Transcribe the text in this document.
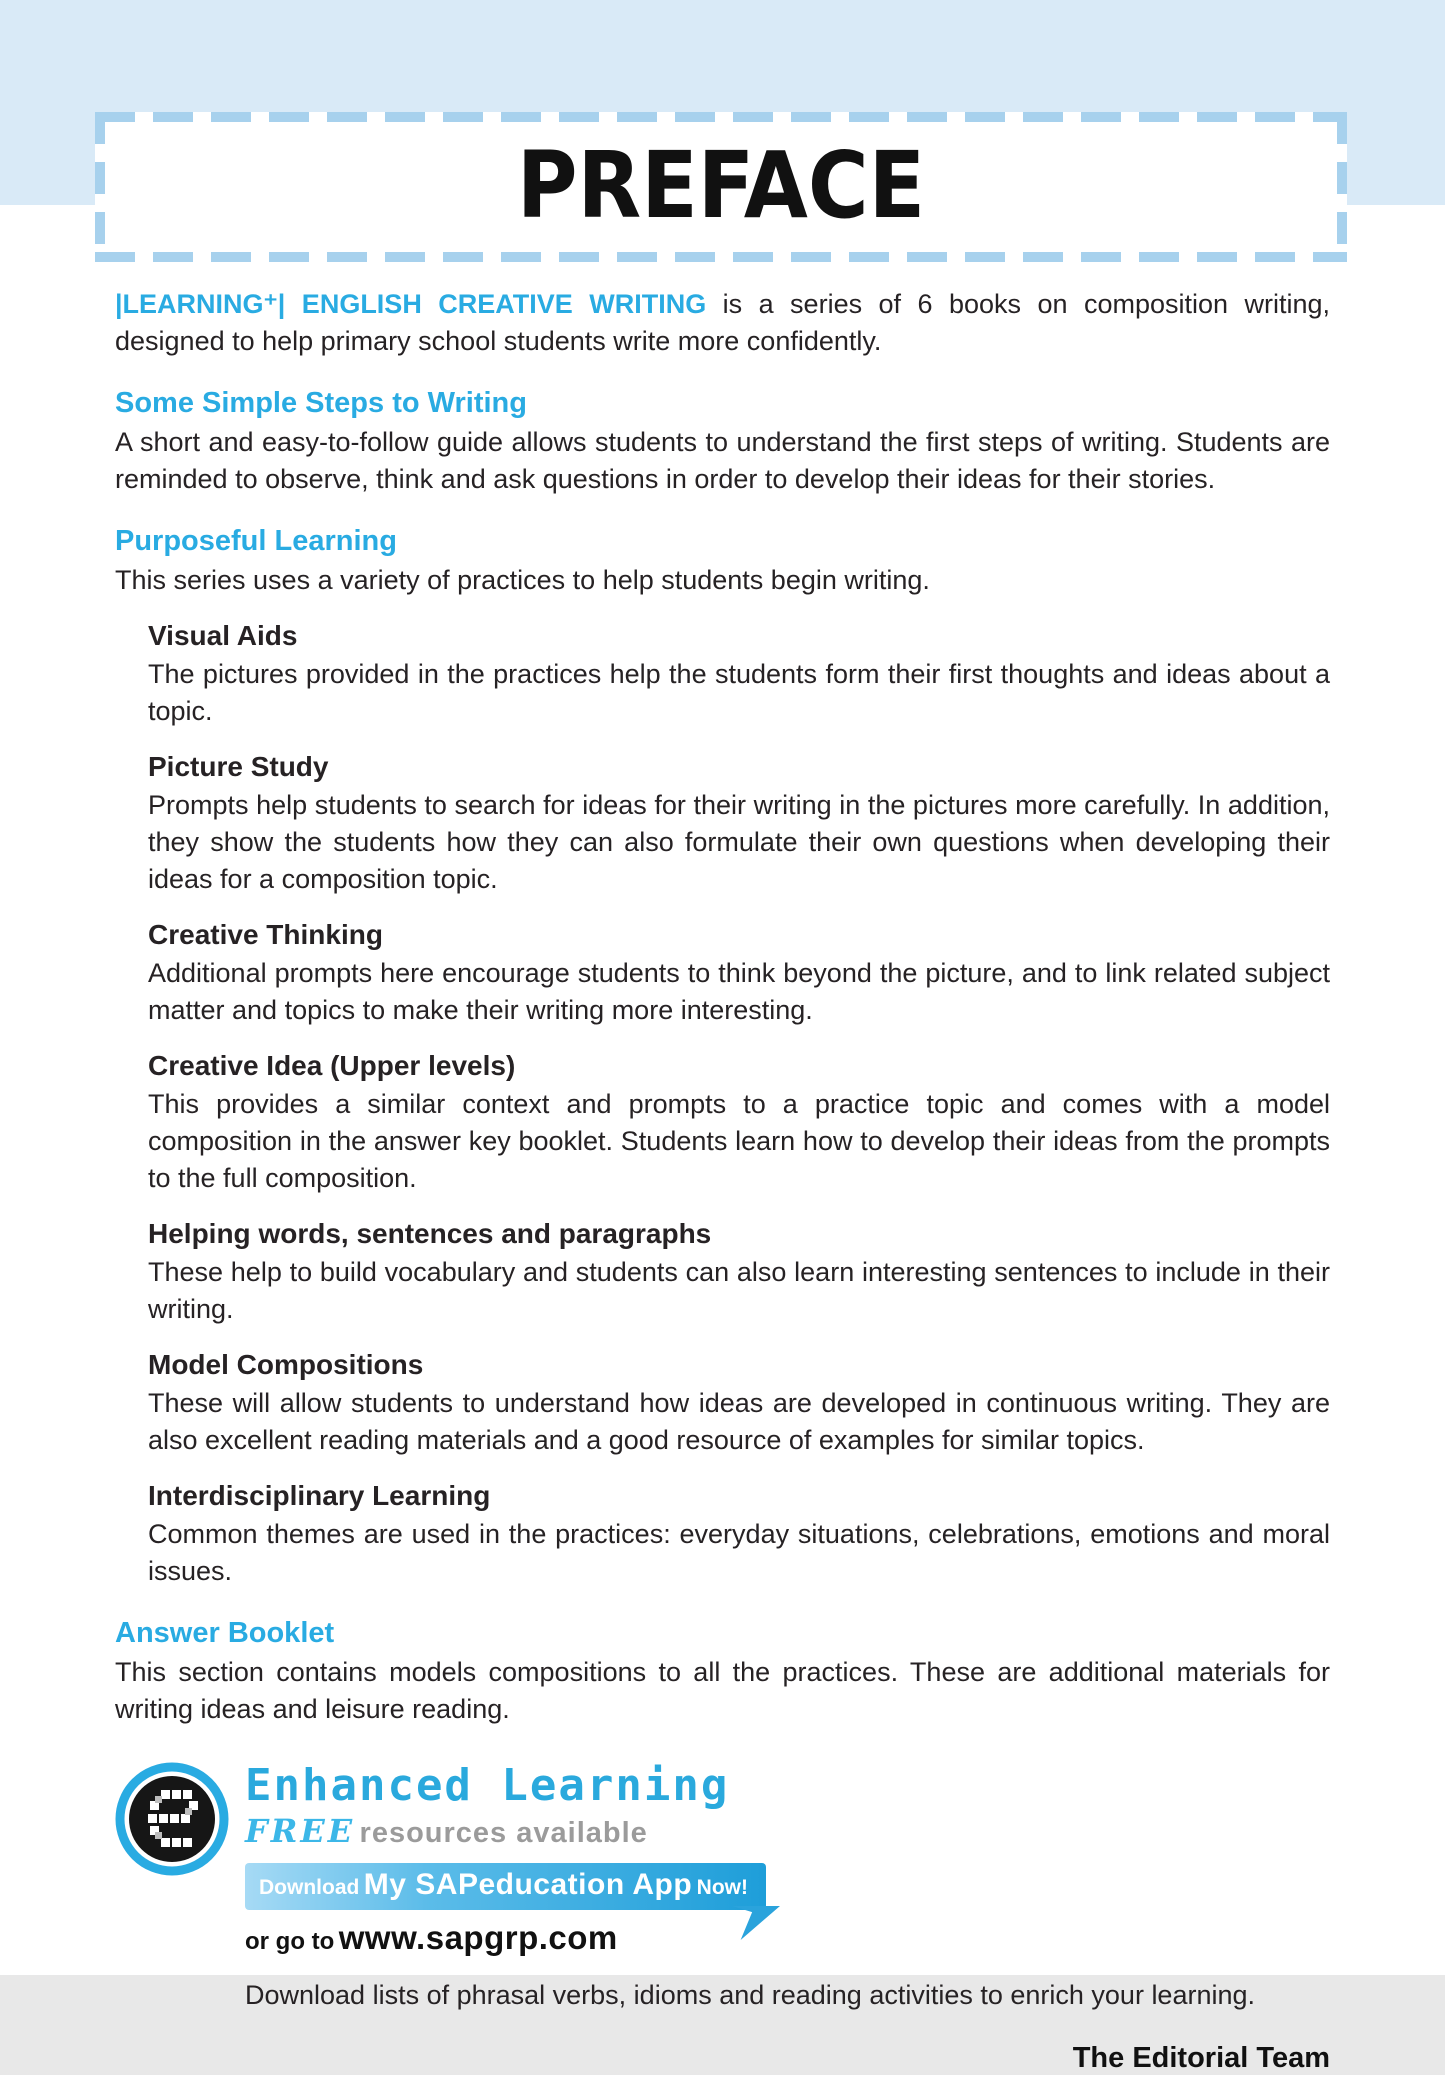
PREFACE

|LEARNING⁺| ENGLISH CREATIVE WRITING is a series of 6 books on composition writing, designed to help primary school students write more confidently.

Some Simple Steps to Writing

A short and easy-to-follow guide allows students to understand the first steps of writing. Students are reminded to observe, think and ask questions in order to develop their ideas for their stories.

Purposeful Learning

This series uses a variety of practices to help students begin writing.

Visual Aids

The pictures provided in the practices help the students form their first thoughts and ideas about a topic.

Picture Study

Prompts help students to search for ideas for their writing in the pictures more carefully. In addition, they show the students how they can also formulate their own questions when developing their ideas for a composition topic.

Creative Thinking

Additional prompts here encourage students to think beyond the picture, and to link related subject matter and topics to make their writing more interesting.

Creative Idea (Upper levels)

This provides a similar context and prompts to a practice topic and comes with a model composition in the answer key booklet. Students learn how to develop their ideas from the prompts to the full composition.

Helping words, sentences and paragraphs

These help to build vocabulary and students can also learn interesting sentences to include in their writing.

Model Compositions

These will allow students to understand how ideas are developed in continuous writing. They are also excellent reading materials and a good resource of examples for similar topics.

Interdisciplinary Learning

Common themes are used in the practices: everyday situations, celebrations, emotions and moral issues.

Answer Booklet

This section contains models compositions to all the practices. These are additional materials for writing ideas and leisure reading.

Enhanced Learning
FREE resources available
Download My SAPeducation App Now!
or go to www.sapgrp.com

Download lists of phrasal verbs, idioms and reading activities to enrich your learning.

The Editorial Team
